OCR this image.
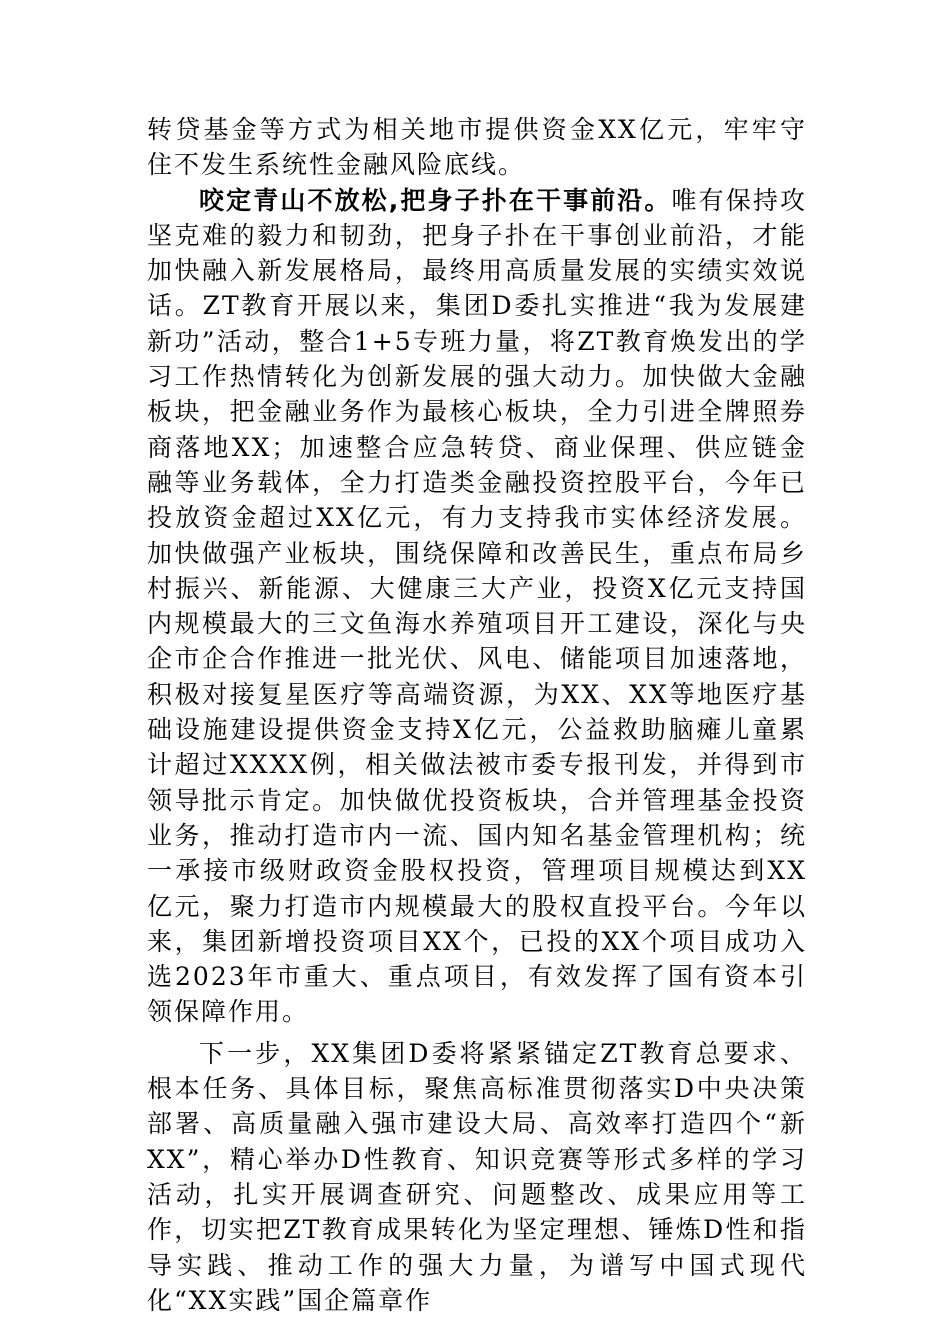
转贷基金等方式为相关地市提供资金XX亿元，牢牢守住不发生系统性金融风险底线。

咬定青山不放松,把身子扑在干事前沿。唯有保持攻坚克难的毅力和韧劲，把身子扑在干事创业前沿，才能加快融入新发展格局，最终用高质量发展的实绩实效说话。ZT教育开展以来，集团D委扎实推进“我为发展建新功”活动，整合1+5专班力量，将ZT教育焕发出的学习工作热情转化为创新发展的强大动力。加快做大金融板块，把金融业务作为最核心板块，全力引进全牌照券商落地XX；加速整合应急转贷、商业保理、供应链金融等业务载体，全力打造类金融投资控股平台，今年已投放资金超过XX亿元，有力支持我市实体经济发展。加快做强产业板块，围绕保障和改善民生，重点布局乡村振兴、新能源、大健康三大产业，投资X亿元支持国内规模最大的三文鱼海水养殖项目开工建设，深化与央企市企合作推进一批光伏、风电、储能项目加速落地，积极对接复星医疗等高端资源，为XX、XX等地医疗基础设施建设提供资金支持X亿元，公益救助脑瘫儿童累计超过XXXX例，相关做法被市委专报刊发，并得到市领导批示肯定。加快做优投资板块，合并管理基金投资业务，推动打造市内一流、国内知名基金管理机构；统一承接市级财政资金股权投资，管理项目规模达到XX亿元，聚力打造市内规模最大的股权直投平台。今年以来，集团新增投资项目XX个，已投的XX个项目成功入选2023年市重大、重点项目，有效发挥了国有资本引领保障作用。

下一步，XX集团D委将紧紧锚定ZT教育总要求、根本任务、具体目标，聚焦高标准贯彻落实D中央决策部署、高质量融入强市建设大局、高效率打造四个“新XX”，精心举办D性教育、知识竞赛等形式多样的学习活动，扎实开展调查研究、问题整改、成果应用等工作，切实把ZT教育成果转化为坚定理想、锤炼D性和指导实践、推动工作的强大力量，为谱写中国式现代化“XX实践”国企篇章作
